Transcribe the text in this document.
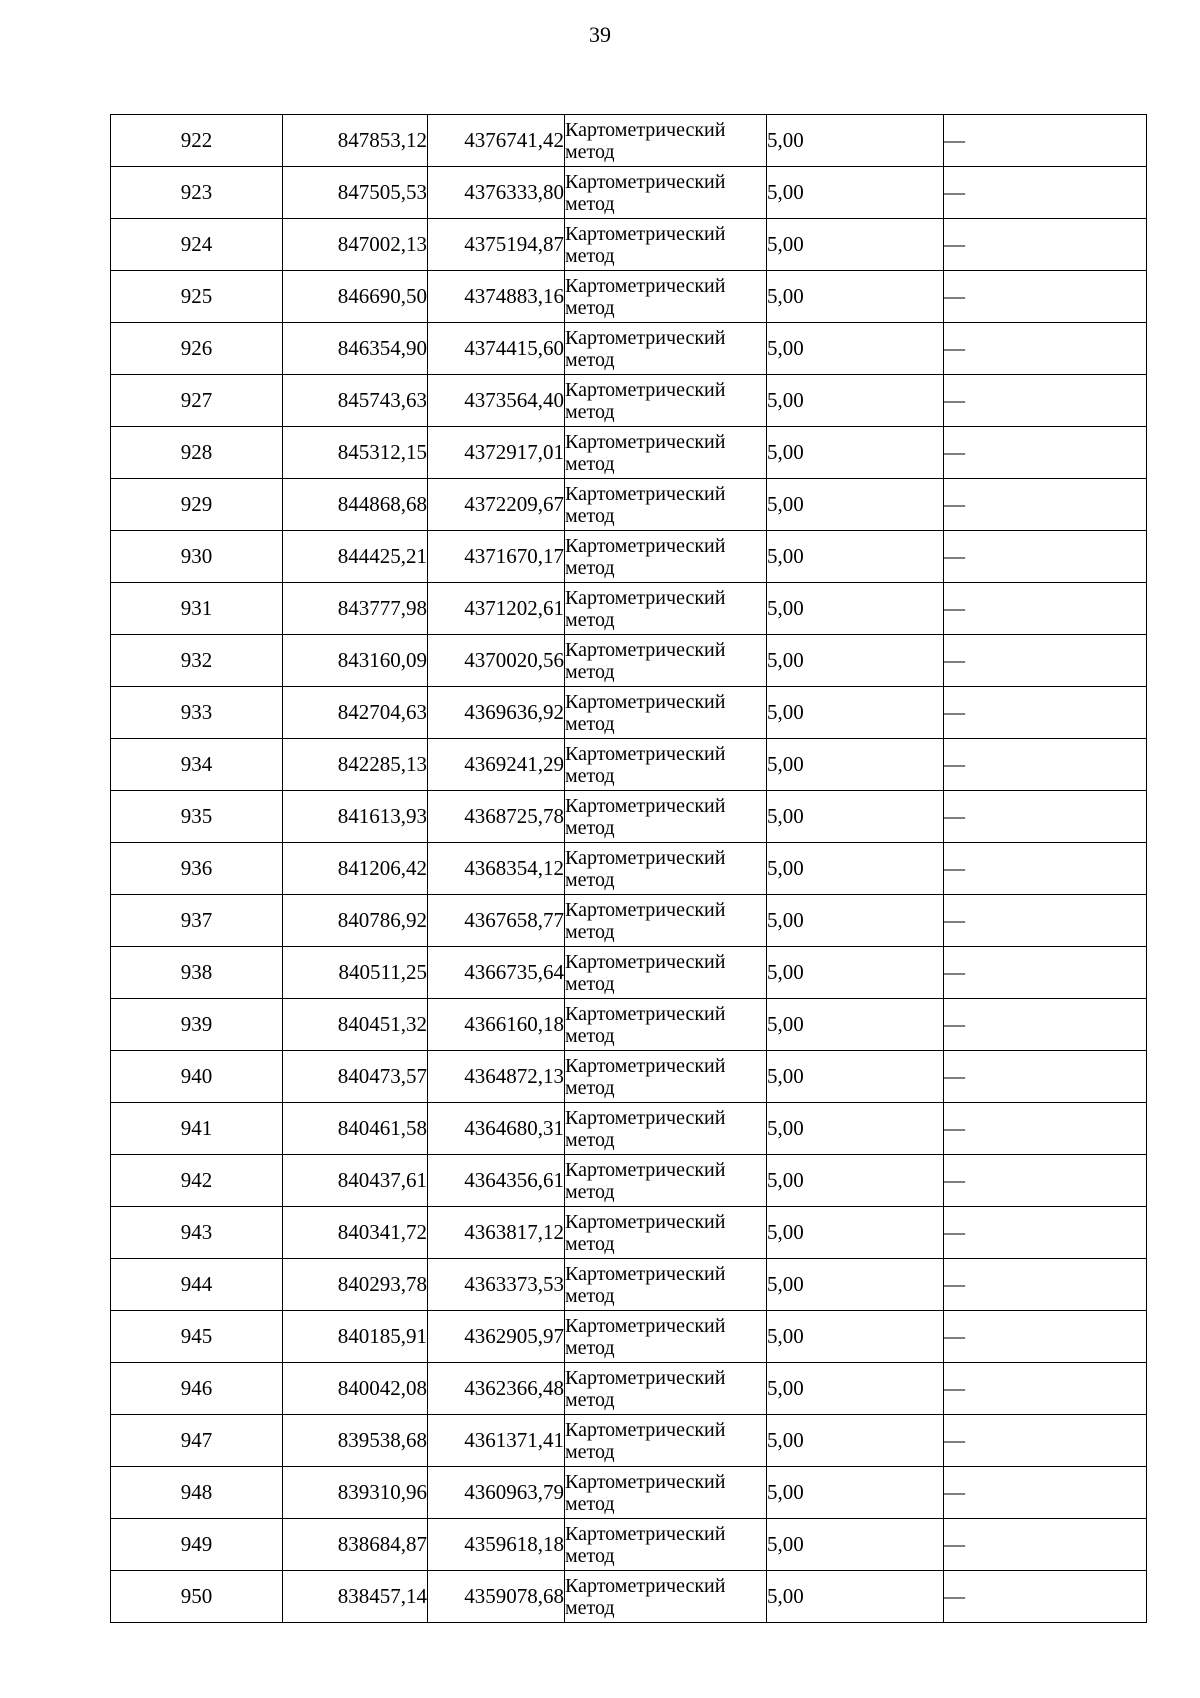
39
922	847853,12	4376741,42	Картометрический
метод	5,00	—
923	847505,53	4376333,80	Картометрический
метод	5,00	—
924	847002,13	4375194,87	Картометрический
метод	5,00	—
925	846690,50	4374883,16	Картометрический
метод	5,00	—
926	846354,90	4374415,60	Картометрический
метод	5,00	—
927	845743,63	4373564,40	Картометрический
метод	5,00	—
928	845312,15	4372917,01	Картометрический
метод	5,00	—
929	844868,68	4372209,67	Картометрический
метод	5,00	—
930	844425,21	4371670,17	Картометрический
метод	5,00	—
931	843777,98	4371202,61	Картометрический
метод	5,00	—
932	843160,09	4370020,56	Картометрический
метод	5,00	—
933	842704,63	4369636,92	Картометрический
метод	5,00	—
934	842285,13	4369241,29	Картометрический
метод	5,00	—
935	841613,93	4368725,78	Картометрический
метод	5,00	—
936	841206,42	4368354,12	Картометрический
метод	5,00	—
937	840786,92	4367658,77	Картометрический
метод	5,00	—
938	840511,25	4366735,64	Картометрический
метод	5,00	—
939	840451,32	4366160,18	Картометрический
метод	5,00	—
940	840473,57	4364872,13	Картометрический
метод	5,00	—
941	840461,58	4364680,31	Картометрический
метод	5,00	—
942	840437,61	4364356,61	Картометрический
метод	5,00	—
943	840341,72	4363817,12	Картометрический
метод	5,00	—
944	840293,78	4363373,53	Картометрический
метод	5,00	—
945	840185,91	4362905,97	Картометрический
метод	5,00	—
946	840042,08	4362366,48	Картометрический
метод	5,00	—
947	839538,68	4361371,41	Картометрический
метод	5,00	—
948	839310,96	4360963,79	Картометрический
метод	5,00	—
949	838684,87	4359618,18	Картометрический
метод	5,00	—
950	838457,14	4359078,68	Картометрический
метод	5,00	—
